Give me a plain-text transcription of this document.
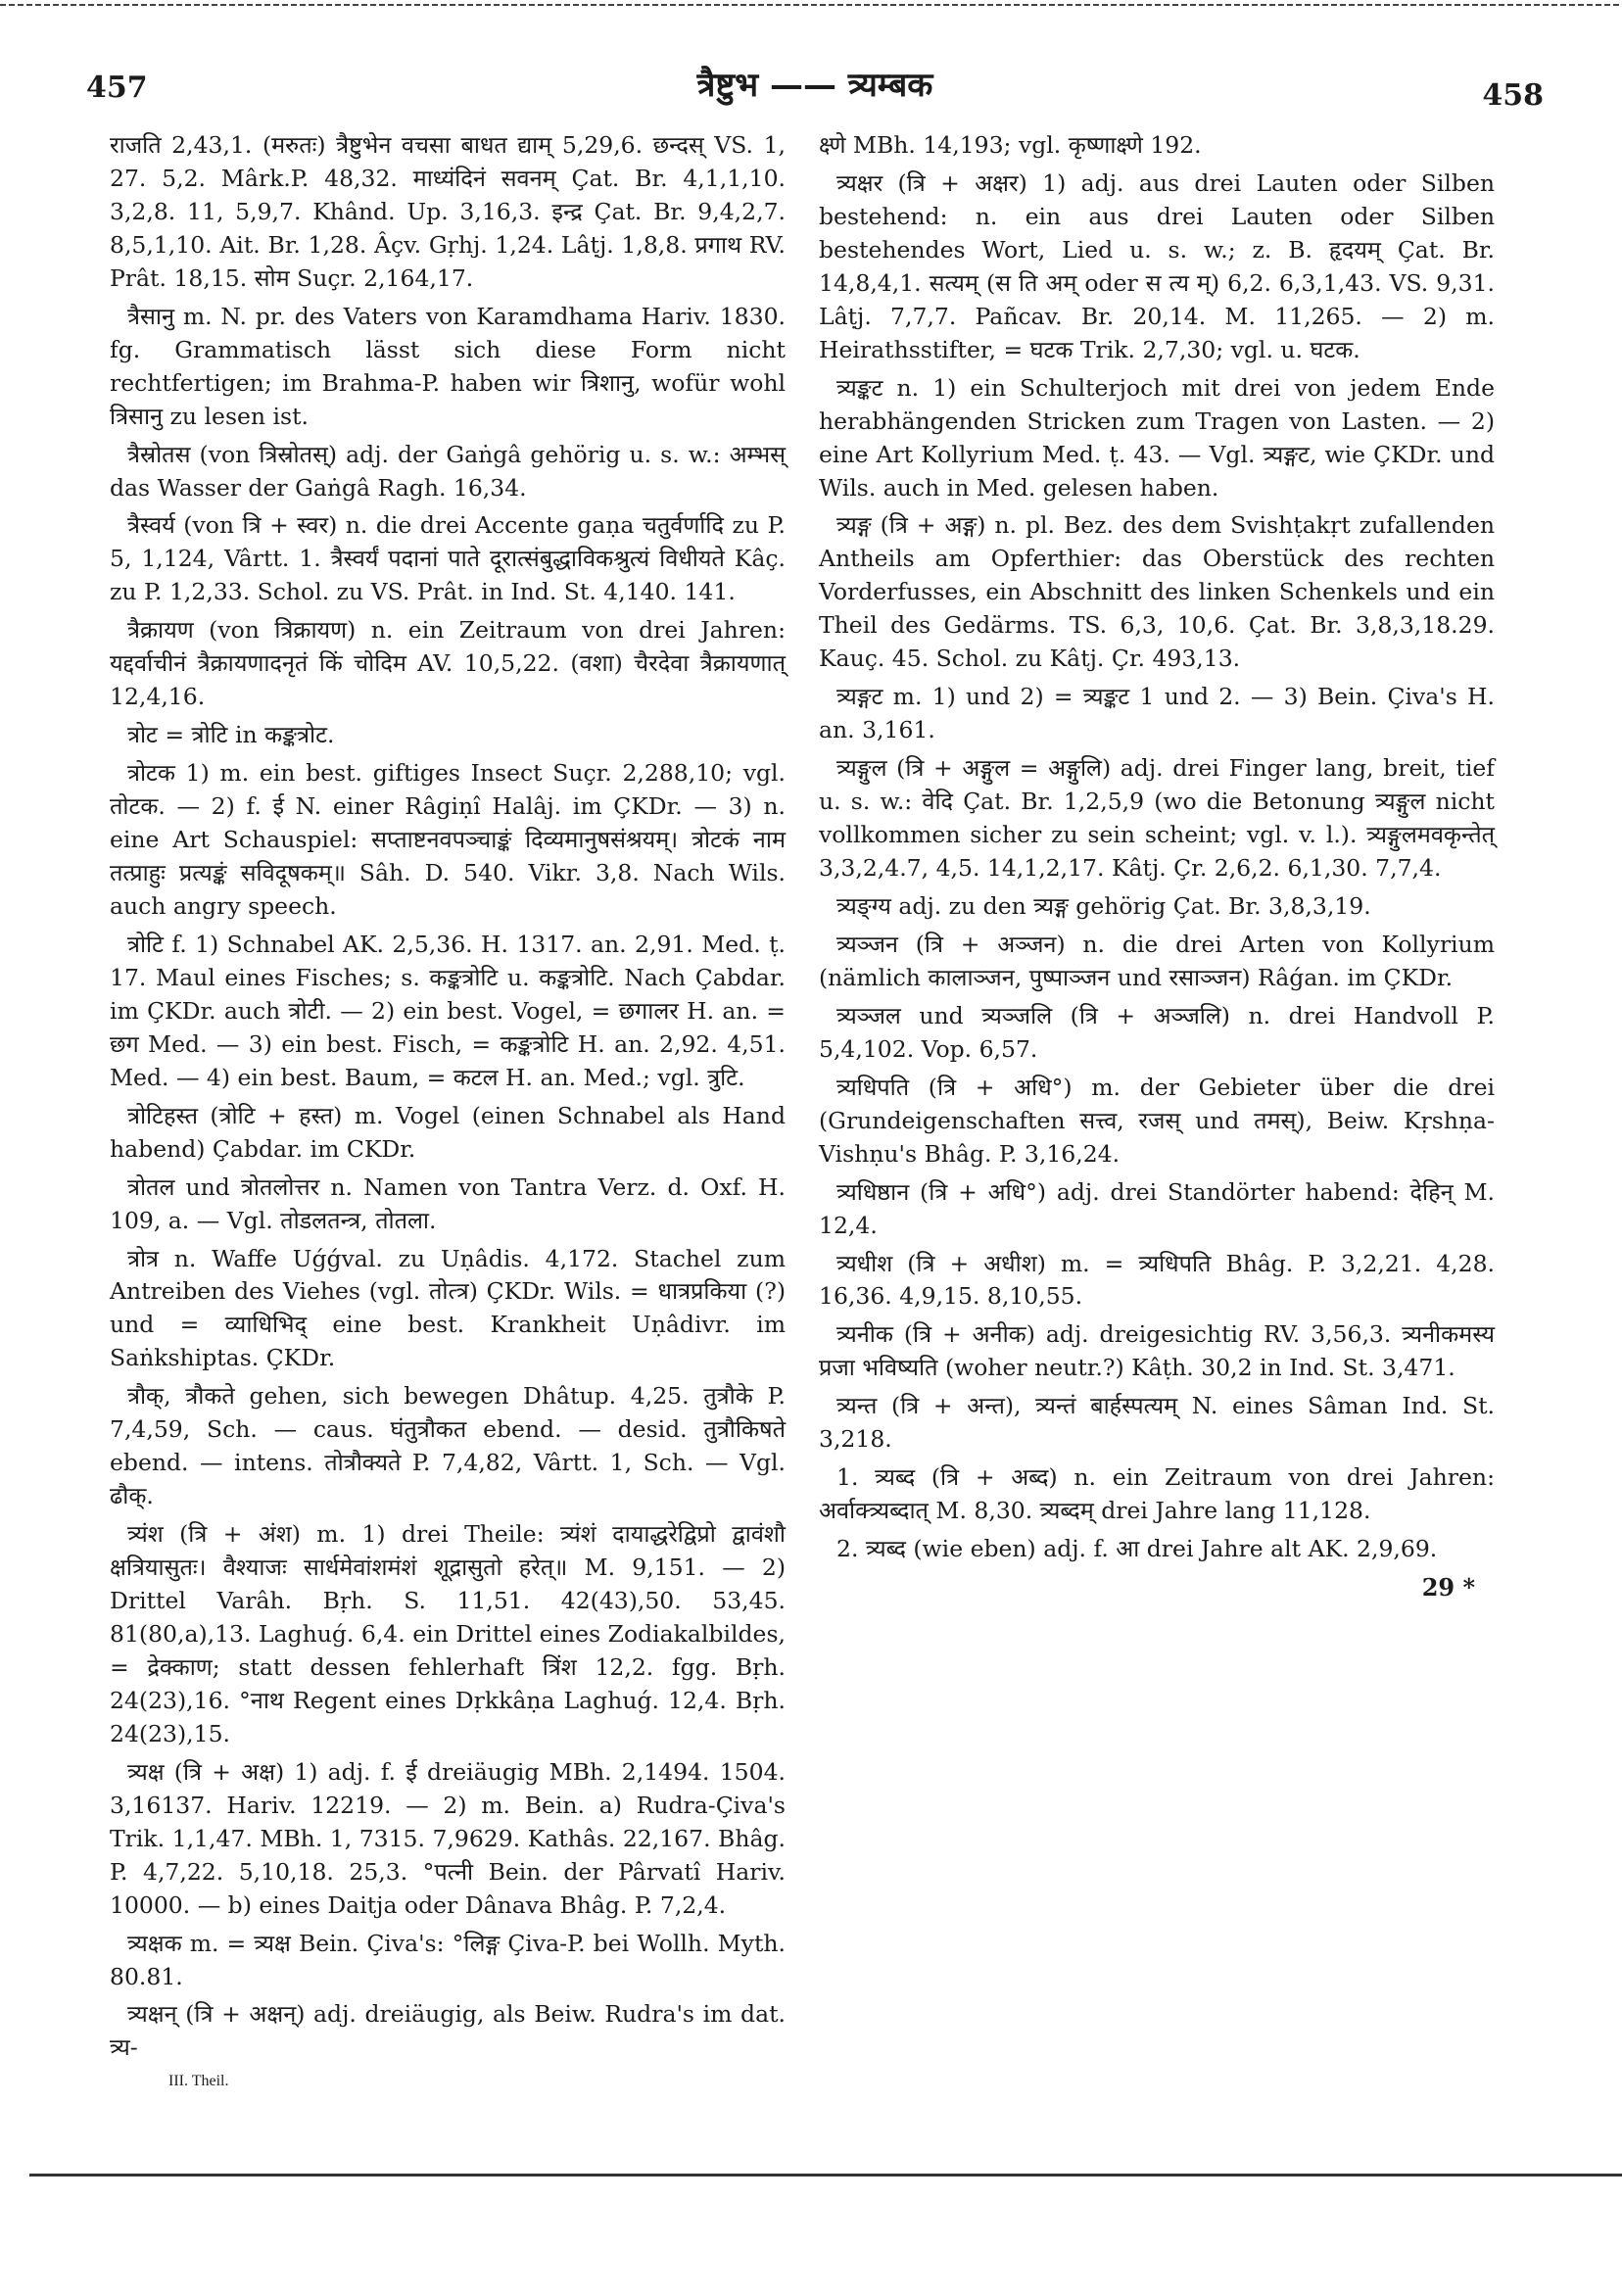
457	त्रैष्टुभ —— त्र्यम्बक	458

राजति 2,43,1. (मरुतः) त्रैष्टुभेन वचसा बाधत द्याम् 5,29,6. छन्दस् VS. 1, 27. 5,2. Mârk.P. 48,32. माध्यंदिनं सवनम् Çat. Br. 4,1,1,10. 3,2,8. 11, 5,9,7. Khând. Up. 3,16,3. इन्द्र Çat. Br. 9,4,2,7. 8,5,1,10. Ait. Br. 1,28. Âçv. Gṛhj. 1,24. Lâṭj. 1,8,8. प्रगाथ RV. Prât. 18,15. सोम Suçr. 2,164,17.

त्रैसानु m. N. pr. des Vaters von Karamdhama Hariv. 1830. fg. Grammatisch lässt sich diese Form nicht rechtfertigen; im Brahma-P. haben wir त्रिशानु, wofür wohl त्रिसानु zu lesen ist.

त्रैस्रोतस (von त्रिस्रोतस्) adj. der Gaṅgâ gehörig u. s. w.: अम्भस् das Wasser der Gaṅgâ Ragh. 16,34.

त्रैस्वर्य (von त्रि + स्वर) n. die drei Accente gaṇa चतुर्वर्णादि zu P. 5, 1,124, Vârtt. 1. त्रैस्वर्यं पदानां पाते दूरात्संबुद्धाविकश्रुत्यं विधीयते Kâç. zu P. 1,2,33. Schol. zu VS. Prât. in Ind. St. 4,140. 141.

त्रैक्रायण (von त्रिक्रायण) n. ein Zeitraum von drei Jahren: यद्दर्वाचीनं त्रैक्रायणादनृतं किं चोदिम AV. 10,5,22. (वशा) चैरदेवा त्रैक्रायणात् 12,4,16.

त्रोट = त्रोटि in कङ्कत्रोट.

त्रोटक 1) m. ein best. giftiges Insect Suçr. 2,288,10; vgl. तोटक. — 2) f. ई N. einer Râgiṇî Halâj. im ÇKDr. — 3) n. eine Art Schauspiel: सप्ताष्टनवपञ्चाङ्कं दिव्यमानुषसंश्रयम्। त्रोटकं नाम तत्प्राहुः प्रत्यङ्कं सविदूषकम्॥ Sâh. D. 540. Vikr. 3,8. Nach Wils. auch angry speech.

त्रोटि f. 1) Schnabel AK. 2,5,36. H. 1317. an. 2,91. Med. ṭ. 17. Maul eines Fisches; s. कङ्कत्रोटि u. कङ्कत्रोटि. Nach Çabdar. im ÇKDr. auch त्रोटी. — 2) ein best. Vogel, = छगालर H. an. = छग Med. — 3) ein best. Fisch, = कङ्कत्रोटि H. an. 2,92. 4,51. Med. — 4) ein best. Baum, = कटल H. an. Med.; vgl. त्रुटि.

त्रोटिहस्त (त्रोटि + हस्त) m. Vogel (einen Schnabel als Hand habend) Çabdar. im CKDr.

त्रोतल und त्रोतलोत्तर n. Namen von Tantra Verz. d. Oxf. H. 109, a. — Vgl. तोडलतन्त्र, तोतला.

त्रोत्र n. Waffe Uǵǵval. zu Uṇâdis. 4,172. Stachel zum Antreiben des Viehes (vgl. तोत्त्र) ÇKDr. Wils. = धात्रप्रकिया (?) und = व्याधिभिद् eine best. Krankheit Uṇâdivr. im Saṅkshiptas. ÇKDr.

त्रौक्, त्रौकते gehen, sich bewegen Dhâtup. 4,25. तुत्रौके P. 7,4,59, Sch. — caus. घंतुत्रौकत ebend. — desid. तुत्रौकिषते ebend. — intens. तोत्रौक्यते P. 7,4,82, Vârtt. 1, Sch. — Vgl. ढौक्.

त्र्यंश (त्रि + अंश) m. 1) drei Theile: त्र्यंशं दायाद्धरेद्विप्रो द्वावंशौ क्षत्रियासुतः। वैश्याजः सार्धमेवांशमंशं शूद्रासुतो हरेत्॥ M. 9,151. — 2) Drittel Varâh. Bṛh. S. 11,51. 42(43),50. 53,45. 81(80,a),13. Laghuǵ. 6,4. ein Drittel eines Zodiakalbildes, = द्रेक्काण; statt dessen fehlerhaft त्रिंश 12,2. fgg. Bṛh. 24(23),16. °नाथ Regent eines Dṛkkâṇa Laghuǵ. 12,4. Bṛh. 24(23),15.

त्र्यक्ष (त्रि + अक्ष) 1) adj. f. ई dreiäugig MBh. 2,1494. 1504. 3,16137. Hariv. 12219. — 2) m. Bein. a) Rudra-Çiva's Trik. 1,1,47. MBh. 1, 7315. 7,9629. Kathâs. 22,167. Bhâg. P. 4,7,22. 5,10,18. 25,3. °पत्नी Bein. der Pârvatî Hariv. 10000. — b) eines Daitja oder Dânava Bhâg. P. 7,2,4.

त्र्यक्षक m. = त्र्यक्ष Bein. Çiva's: °लिङ्ग Çiva-P. bei Wollh. Myth. 80.81.

त्र्यक्षन् (त्रि + अक्षन्) adj. dreiäugig, als Beiw. Rudra's im dat. त्र्य-

III. Theil.

क्ष्णे MBh. 14,193; vgl. कृष्णाक्ष्णे 192.

त्र्यक्षर (त्रि + अक्षर) 1) adj. aus drei Lauten oder Silben bestehend: n. ein aus drei Lauten oder Silben bestehendes Wort, Lied u. s. w.; z. B. हृदयम् Çat. Br. 14,8,4,1. सत्यम् (स ति अम् oder स त्य म्) 6,2. 6,3,1,43. VS. 9,31. Lâṭj. 7,7,7. Pañcav. Br. 20,14. M. 11,265. — 2) m. Heirathsstifter, = घटक Trik. 2,7,30; vgl. u. घटक.

त्र्यङ्कट n. 1) ein Schulterjoch mit drei von jedem Ende herabhängenden Stricken zum Tragen von Lasten. — 2) eine Art Kollyrium Med. ṭ. 43. — Vgl. त्र्यङ्गट, wie ÇKDr. und Wils. auch in Med. gelesen haben.

त्र्यङ्ग (त्रि + अङ्ग) n. pl. Bez. des dem Svishṭakṛt zufallenden Antheils am Opferthier: das Oberstück des rechten Vorderfusses, ein Abschnitt des linken Schenkels und ein Theil des Gedärms. TS. 6,3, 10,6. Çat. Br. 3,8,3,18.29. Kauç. 45. Schol. zu Kâtj. Çr. 493,13.

त्र्यङ्गट m. 1) und 2) = त्र्यङ्कट 1 und 2. — 3) Bein. Çiva's H. an. 3,161.

त्र्यङ्गुल (त्रि + अङ्गुल = अङ्गुलि) adj. drei Finger lang, breit, tief u. s. w.: वेदि Çat. Br. 1,2,5,9 (wo die Betonung त्र्यङ्गुल nicht vollkommen sicher zu sein scheint; vgl. v. l.). त्र्यङ्गुलमवकृन्तेत् 3,3,2,4.7, 4,5. 14,1,2,17. Kâtj. Çr. 2,6,2. 6,1,30. 7,7,4.

त्र्यङ्ग्य adj. zu den त्र्यङ्ग gehörig Çat. Br. 3,8,3,19.

त्र्यञ्जन (त्रि + अञ्जन) n. die drei Arten von Kollyrium (nämlich कालाञ्जन, पुष्पाञ्जन und रसाञ्जन) Râǵan. im ÇKDr.

त्र्यञ्जल und त्र्यञ्जलि (त्रि + अञ्जलि) n. drei Handvoll P. 5,4,102. Vop. 6,57.

त्र्यधिपति (त्रि + अधि°) m. der Gebieter über die drei (Grundeigenschaften सत्त्व, रजस् und तमस्), Beiw. Kṛshṇa-Vishṇu's Bhâg. P. 3,16,24.

त्र्यधिष्ठान (त्रि + अधि°) adj. drei Standörter habend: देहिन् M. 12,4.

त्र्यधीश (त्रि + अधीश) m. = त्र्यधिपति Bhâg. P. 3,2,21. 4,28. 16,36. 4,9,15. 8,10,55.

त्र्यनीक (त्रि + अनीक) adj. dreigesichtig RV. 3,56,3. त्र्यनीकमस्य प्रजा भविष्यति (woher neutr.?) Kâṭh. 30,2 in Ind. St. 3,471.

त्र्यन्त (त्रि + अन्त), त्र्यन्तं बार्हस्पत्यम् N. eines Sâman Ind. St. 3,218.

1. त्र्यब्द (त्रि + अब्द) n. ein Zeitraum von drei Jahren: अर्वाक्त्र्यब्दात् M. 8,30. त्र्यब्दम् drei Jahre lang 11,128.

2. त्र्यब्द (wie eben) adj. f. आ drei Jahre alt AK. 2,9,69.

29 *
